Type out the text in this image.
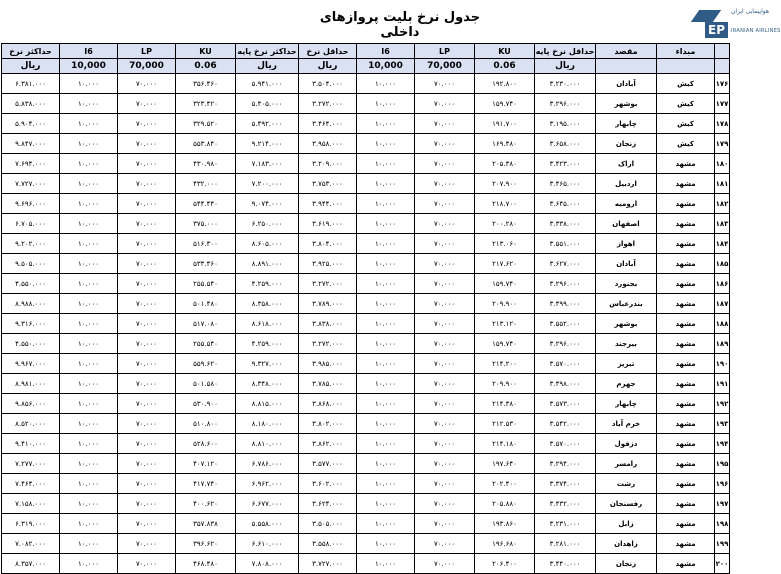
EP
هواپیمایی ایران
IRANIAN AIRLINES
جدول نرخ بلیت پروازهای داخلی
حداکثر نرخ	I6	LP	KU	حداکثر نرخ پایه	حداقل نرخ	I6	LP	KU	حداقل نرخ پایه	مقصد	مبداء	
ریال	10,000	70,000	0.06	ریال	ریال	10,000	70,000	0.06	ریال			
۶.۳۸۱.۰۰۰	۱۰.۰۰۰	۷۰.۰۰۰	۳۵۶.۴۶۰	۵.۹۴۱.۰۰۰	۳.۵۰۴.۰۰۰	۱۰.۰۰۰	۷۰.۰۰۰	۱۹۲.۸۰۰	۳.۲۳۰.۰۰۰	آبادان	کیش	۱۷۶
۵.۸۳۸.۰۰۰	۱۰.۰۰۰	۷۰.۰۰۰	۳۲۳.۴۲۰	۵.۴۰۵.۰۰۰	۳.۲۷۲.۰۰۰	۱۰.۰۰۰	۷۰.۰۰۰	۱۵۹.۷۴۰	۳.۲۹۶.۰۰۰	بوشهر	کیش	۱۷۷
۵.۹۰۴.۰۰۰	۱۰.۰۰۰	۷۰.۰۰۰	۳۲۹.۵۲۰	۵.۴۹۲.۰۰۰	۳.۴۶۴.۰۰۰	۱۰.۰۰۰	۷۰.۰۰۰	۱۹۱.۷۰۰	۳.۱۹۵.۰۰۰	چابهار	کیش	۱۷۸
۹.۸۴۷.۰۰۰	۱۰.۰۰۰	۷۰.۰۰۰	۵۵۳.۸۴۰	۹.۲۱۴.۰۰۰	۳.۹۵۸.۰۰۰	۱۰.۰۰۰	۷۰.۰۰۰	۱۶۹.۴۸۰	۳.۶۵۸.۰۰۰	زنجان	کیش	۱۷۹
۷.۶۹۴.۰۰۰	۱۰.۰۰۰	۷۰.۰۰۰	۴۳۰.۹۸۰	۷.۱۸۳.۰۰۰	۳.۲۰۹.۰۰۰	۱۰.۰۰۰	۷۰.۰۰۰	۲۰۵.۳۸۰	۳.۴۲۳.۰۰۰	اراک	مشهد	۱۸۰
۷.۷۲۷.۰۰۰	۱۰.۰۰۰	۷۰.۰۰۰	۴۳۲.۰۰۰	۷.۲۰۰.۰۰۰	۳.۷۵۳.۰۰۰	۱۰.۰۰۰	۷۰.۰۰۰	۲۰۷.۹۰۰	۳.۴۶۵.۰۰۰	اردبیل	مشهد	۱۸۱
۹.۶۹۶.۰۰۰	۱۰.۰۰۰	۷۰.۰۰۰	۵۴۴.۴۴۰	۹.۰۷۴.۰۰۰	۳.۹۴۴.۰۰۰	۱۰.۰۰۰	۷۰.۰۰۰	۲۱۸.۷۰۰	۳.۶۴۵.۰۰۰	ارومیه	مشهد	۱۸۲
۶.۷۰۵.۰۰۰	۱۰.۰۰۰	۷۰.۰۰۰	۳۷۵.۰۰۰	۶.۲۵۰.۰۰۰	۳.۶۱۹.۰۰۰	۱۰.۰۰۰	۷۰.۰۰۰	۲۰۰.۲۸۰	۳.۳۳۸.۰۰۰	اصفهان	مشهد	۱۸۳
۹.۲۰۲.۰۰۰	۱۰.۰۰۰	۷۰.۰۰۰	۵۱۶.۳۰۰	۸.۶۰۵.۰۰۰	۳.۸۰۴.۰۰۰	۱۰.۰۰۰	۷۰.۰۰۰	۲۱۳.۰۶۰	۳.۵۵۱.۰۰۰	اهواز	مشهد	۱۸۴
۹.۵۰۵.۰۰۰	۱۰.۰۰۰	۷۰.۰۰۰	۵۳۳.۴۶۰	۸.۸۹۱.۰۰۰	۳.۹۲۵.۰۰۰	۱۰.۰۰۰	۷۰.۰۰۰	۲۱۷.۶۲۰	۳.۶۲۷.۰۰۰	آبادان	مشهد	۱۸۵
۴.۵۵۰.۰۰۰	۱۰.۰۰۰	۷۰.۰۰۰	۲۵۵.۵۴۰	۴.۲۵۹.۰۰۰	۳.۲۷۲.۰۰۰	۱۰.۰۰۰	۷۰.۰۰۰	۱۵۹.۷۴۰	۳.۲۹۶.۰۰۰	بجنورد	مشهد	۱۸۶
۸.۹۸۸.۰۰۰	۱۰.۰۰۰	۷۰.۰۰۰	۵۰۱.۴۸۰	۸.۳۵۸.۰۰۰	۳.۷۸۹.۰۰۰	۱۰.۰۰۰	۷۰.۰۰۰	۲۰۹.۹۰۰	۳.۴۹۹.۰۰۰	بندرعباس	مشهد	۱۸۷
۹.۳۱۶.۰۰۰	۱۰.۰۰۰	۷۰.۰۰۰	۵۱۷.۰۸۰	۸.۶۱۸.۰۰۰	۳.۸۳۸.۰۰۰	۱۰.۰۰۰	۷۰.۰۰۰	۲۱۳.۱۲۰	۳.۵۵۲.۰۰۰	بوشهر	مشهد	۱۸۸
۴.۵۵۰.۰۰۰	۱۰.۰۰۰	۷۰.۰۰۰	۲۵۵.۵۴۰	۴.۲۵۹.۰۰۰	۳.۲۷۲.۰۰۰	۱۰.۰۰۰	۷۰.۰۰۰	۱۵۹.۷۴۰	۳.۲۹۶.۰۰۰	بیرجند	مشهد	۱۸۹
۹.۹۶۷.۰۰۰	۱۰.۰۰۰	۷۰.۰۰۰	۵۵۹.۶۲۰	۹.۳۲۷.۰۰۰	۳.۹۸۵.۰۰۰	۱۰.۰۰۰	۷۰.۰۰۰	۲۱۴.۲۰۰	۳.۵۷۰.۰۰۰	تبریز	مشهد	۱۹۰
۸.۹۸۱.۰۰۰	۱۰.۰۰۰	۷۰.۰۰۰	۵۰۱.۵۸۰	۸.۳۴۸.۰۰۰	۳.۷۸۵.۰۰۰	۱۰.۰۰۰	۷۰.۰۰۰	۲۰۹.۹۰۰	۳.۴۹۸.۰۰۰	جهرم	مشهد	۱۹۱
۹.۸۵۶.۰۰۰	۱۰.۰۰۰	۷۰.۰۰۰	۵۳۰.۹۰۰	۸.۸۱۵.۰۰۰	۳.۸۶۸.۰۰۰	۱۰.۰۰۰	۷۰.۰۰۰	۲۱۴.۳۸۰	۳.۵۷۳.۰۰۰	چابهار	مشهد	۱۹۲
۸.۵۲۰.۰۰۰	۱۰.۰۰۰	۷۰.۰۰۰	۵۱۰.۸۰۰	۸.۱۸۰.۰۰۰	۳.۸۰۲.۰۰۰	۱۰.۰۰۰	۷۰.۰۰۰	۲۱۲.۵۳۰	۳.۵۴۲.۰۰۰	خرم آباد	مشهد	۱۹۳
۹.۴۱۰.۰۰۰	۱۰.۰۰۰	۷۰.۰۰۰	۵۲۸.۶۰۰	۸.۸۱۰.۰۰۰	۳.۸۶۲.۰۰۰	۱۰.۰۰۰	۷۰.۰۰۰	۲۱۴.۱۸۰	۳.۵۷۰.۰۰۰	دزفول	مشهد	۱۹۴
۷.۲۷۷.۰۰۰	۱۰.۰۰۰	۷۰.۰۰۰	۴۰۷.۱۲۰	۶.۷۸۶.۰۰۰	۳.۵۷۷.۰۰۰	۱۰.۰۰۰	۷۰.۰۰۰	۱۹۷.۶۴۰	۳.۲۹۴.۰۰۰	رامسر	مشهد	۱۹۵
۷.۴۶۴.۰۰۰	۱۰.۰۰۰	۷۰.۰۰۰	۴۱۷.۷۴۰	۶.۹۶۲.۰۰۰	۳.۶۰۲.۰۰۰	۱۰.۰۰۰	۷۰.۰۰۰	۲۰۲.۴۰۰	۳.۳۷۴.۰۰۰	رشت	مشهد	۱۹۶
۷.۱۵۸.۰۰۰	۱۰.۰۰۰	۷۰.۰۰۰	۴۰۰.۶۲۰	۶.۶۷۷.۰۰۰	۳.۶۲۴.۰۰۰	۱۰.۰۰۰	۷۰.۰۰۰	۲۰۵.۸۸۰	۳.۴۳۲.۰۰۰	رفسنجان	مشهد	۱۹۷
۶.۳۱۹.۰۰۰	۱۰.۰۰۰	۷۰.۰۰۰	۳۵۷.۸۳۸	۵.۵۵۸.۰۰۰	۳.۵۰۵.۰۰۰	۱۰.۰۰۰	۷۰.۰۰۰	۱۹۳.۸۶۰	۳.۲۳۱.۰۰۰	زابل	مشهد	۱۹۸
۷.۰۸۲.۰۰۰	۱۰.۰۰۰	۷۰.۰۰۰	۳۹۶.۶۲۰	۶.۶۱۰.۰۰۰	۳.۵۵۸.۰۰۰	۱۰.۰۰۰	۷۰.۰۰۰	۱۹۶.۶۸۰	۳.۲۸۱.۰۰۰	زاهدان	مشهد	۱۹۹
۸.۳۵۷.۰۰۰	۱۰.۰۰۰	۷۰.۰۰۰	۴۶۸.۴۸۰	۷.۸۰۸.۰۰۰	۳.۷۲۷.۰۰۰	۱۰.۰۰۰	۷۰.۰۰۰	۲۰۶.۴۰۰	۳.۴۴۰.۰۰۰	زنجان	مشهد	۲۰۰
